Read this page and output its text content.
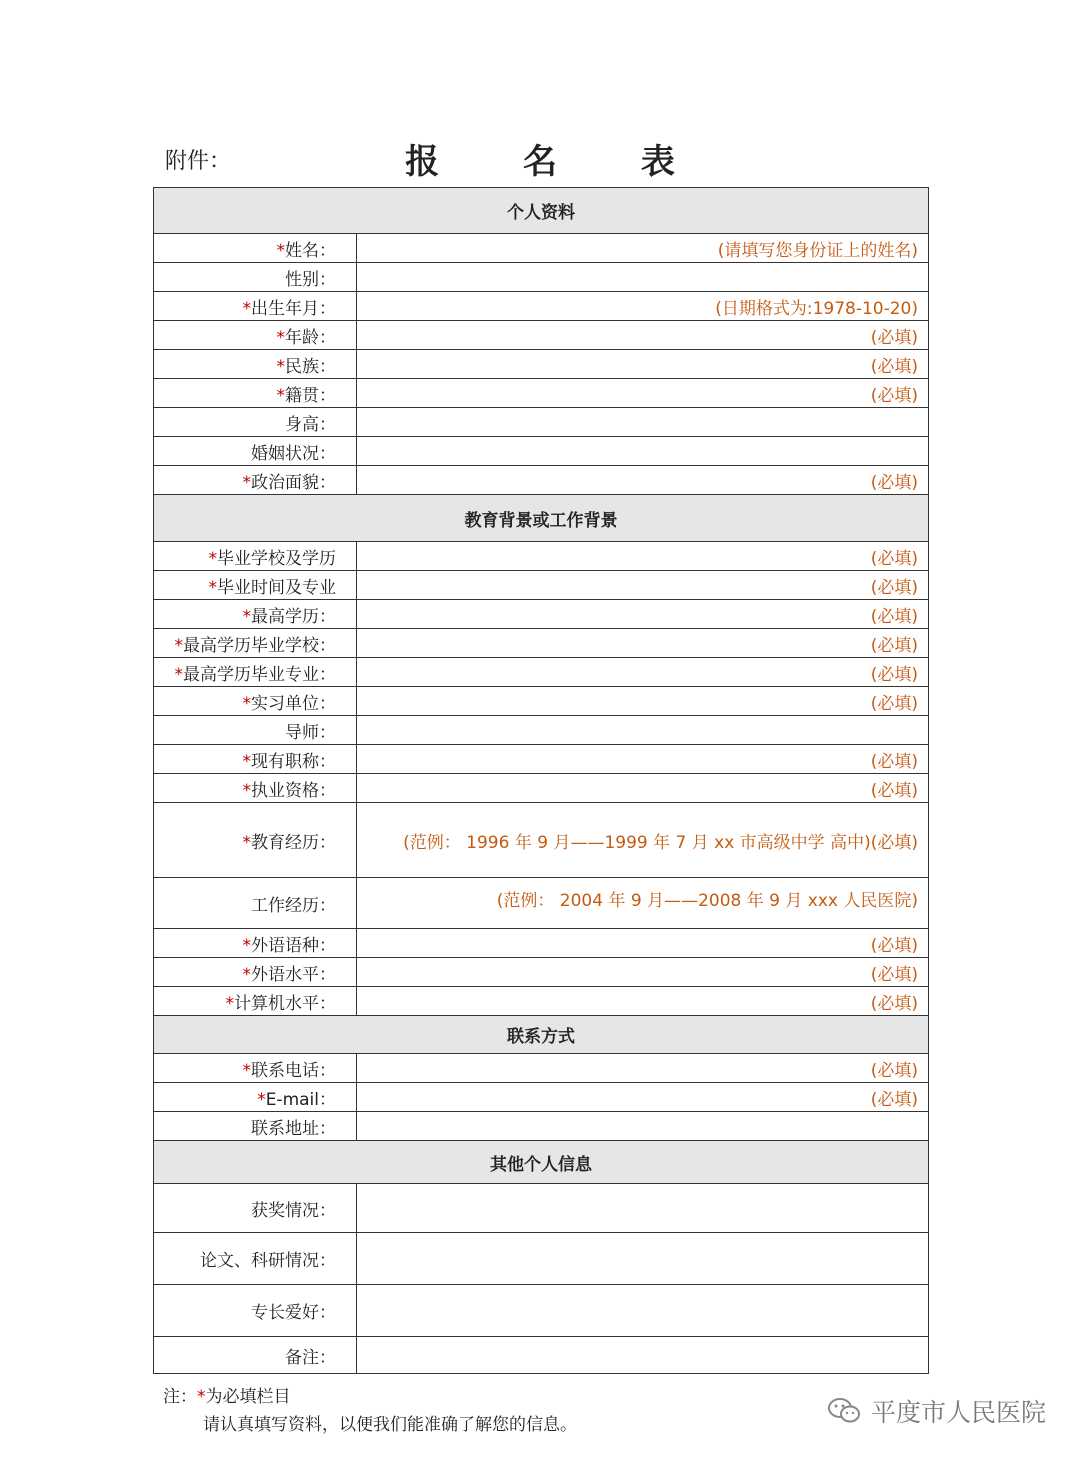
附件：	报 名 表
个人资料	
*姓名：	(请填写您身份证上的姓名)
性别：	
*出生年月：	(日期格式为:1978-10-20)
*年龄：	(必填)
*民族：	(必填)
*籍贯：	(必填)
身高：	
婚姻状况：	
*政治面貌：	(必填)
教育背景或工作背景	
*毕业学校及学历	(必填)
*毕业时间及专业	(必填)
*最高学历：	(必填)
*最高学历毕业学校：	(必填)
*最高学历毕业专业：	(必填)
*实习单位：	(必填)
导师：	
*现有职称：	(必填)
*执业资格：	(必填)
*教育经历：	(范例： 1996 年 9 月——1999 年 7 月 xx 市高级中学 高中)(必填)
工作经历：	(范例： 2004 年 9 月——2008 年 9 月 xxx 人民医院)
*外语语种：	(必填)
*外语水平：	(必填)
*计算机水平：	(必填)
联系方式	
*联系电话：	(必填)
*E-mail：	(必填)
联系地址：	
其他个人信息	
获奖情况：	
论文、科研情况：	
专长爱好：	
备注：	
注：*为必填栏目
请认真填写资料，以便我们能准确了解您的信息。	平度市人民医院
